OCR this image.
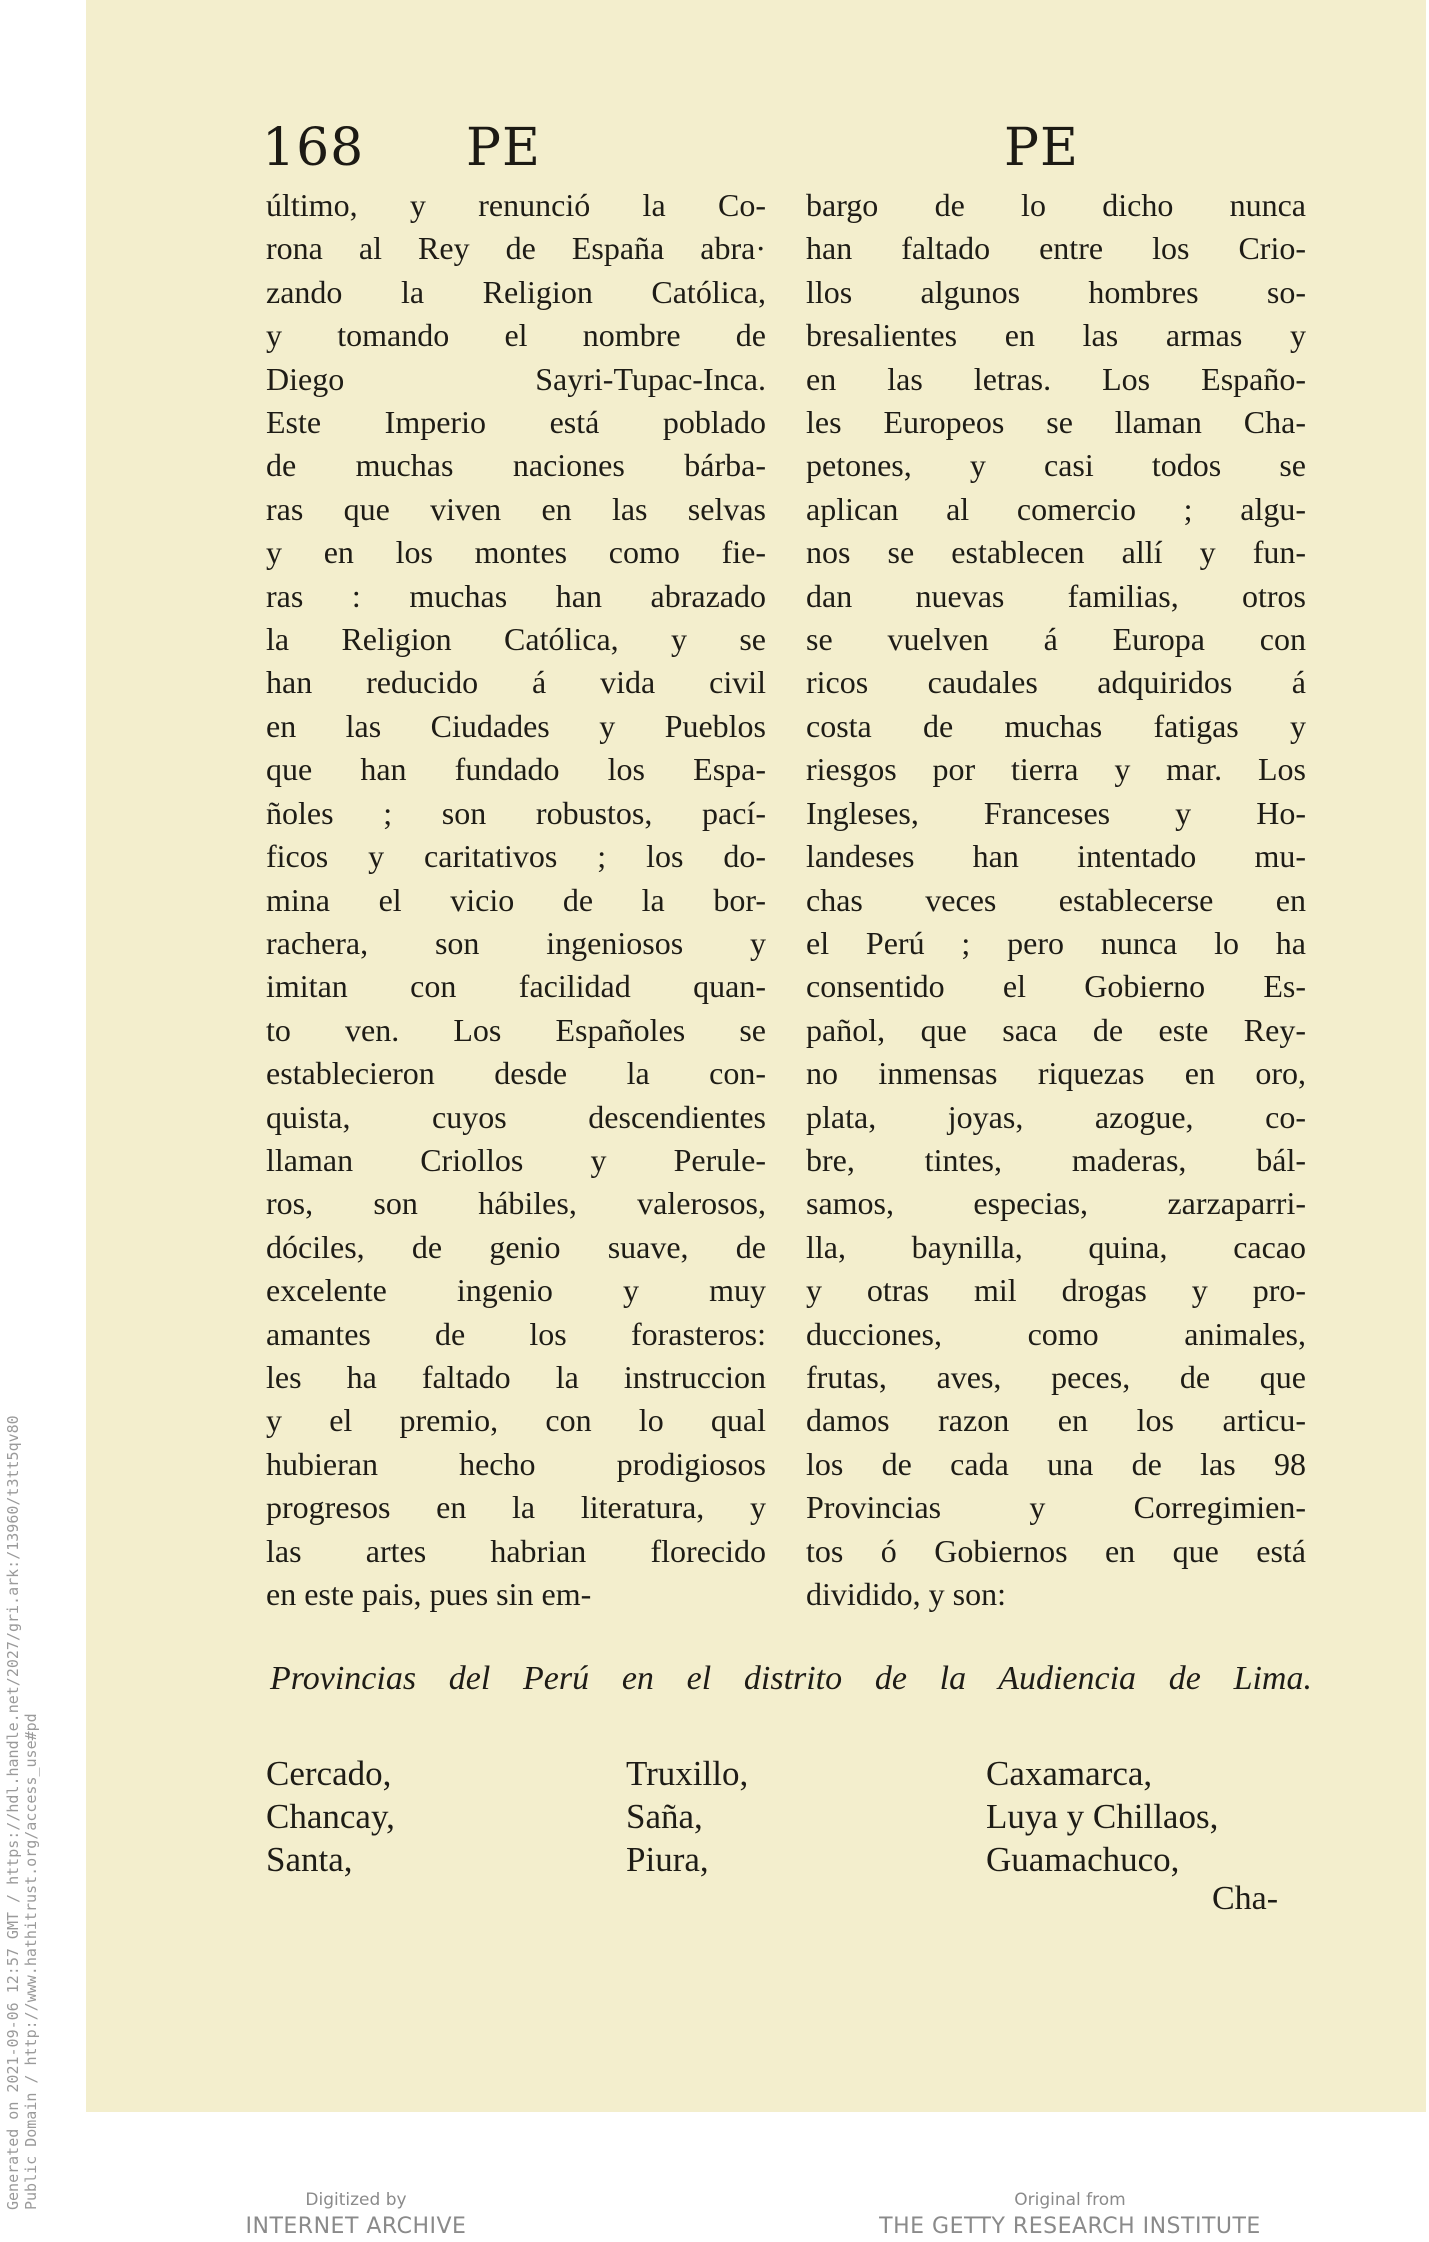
168 PE	PE
último, y renunció la Co-
rona al Rey de España abra·
zando la Religion Católica,
y tomando el nombre de
Diego Sayri-Tupac-Inca.
Este Imperio está poblado
de muchas naciones bárba-
ras que viven en las selvas
y en los montes como fie-
ras : muchas han abrazado
la Religion Católica, y se
han reducido á vida civil
en las Ciudades y Pueblos
que han fundado los Espa-
ñoles ; son robustos, pací-
ficos y caritativos ; los do-
mina el vicio de la bor-
rachera, son ingeniosos y
imitan con facilidad quan-
to ven. Los Españoles se
establecieron desde la con-
quista, cuyos descendientes
llaman Criollos y Perule-
ros, son hábiles, valerosos,
dóciles, de genio suave, de
excelente ingenio y muy
amantes de los forasteros:
les ha faltado la instruccion
y el premio, con lo qual
hubieran hecho prodigiosos
progresos en la literatura, y
las artes habrian florecido
en este pais, pues sin em-
bargo de lo dicho nunca
han faltado entre los Crio-
llos algunos hombres so-
bresalientes en las armas y
en las letras. Los Españo-
les Europeos se llaman Cha-
petones, y casi todos se
aplican al comercio ; algu-
nos se establecen allí y fun-
dan nuevas familias, otros
se vuelven á Europa con
ricos caudales adquiridos á
costa de muchas fatigas y
riesgos por tierra y mar. Los
Ingleses, Franceses y Ho-
landeses han intentado mu-
chas veces establecerse en
el Perú ; pero nunca lo ha
consentido el Gobierno Es-
pañol, que saca de este Rey-
no inmensas riquezas en oro,
plata, joyas, azogue, co-
bre, tintes, maderas, bál-
samos, especias, zarzaparri-
lla, baynilla, quina, cacao
y otras mil drogas y pro-
ducciones, como animales,
frutas, aves, peces, de que
damos razon en los articu-
los de cada una de las 98
Provincias y Corregimien-
tos ó Gobiernos en que está
dividido, y son:
Provincias del Perú en el distrito de la Audiencia de Lima.
Cercado,
Chancay,
Santa,
Truxillo,
Saña,
Piura,
Caxamarca,
Luya y Chillaos,
Guamachuco,
Cha-
Generated on 2021-09-06 12:57 GMT / https://hdl.handle.net/2027/gri.ark:/13960/t3tt5qv80 Public Domain / http://www.hathitrust.org/access_use#pd	Digitized by
INTERNET ARCHIVE
Original from
THE GETTY RESEARCH INSTITUTE
